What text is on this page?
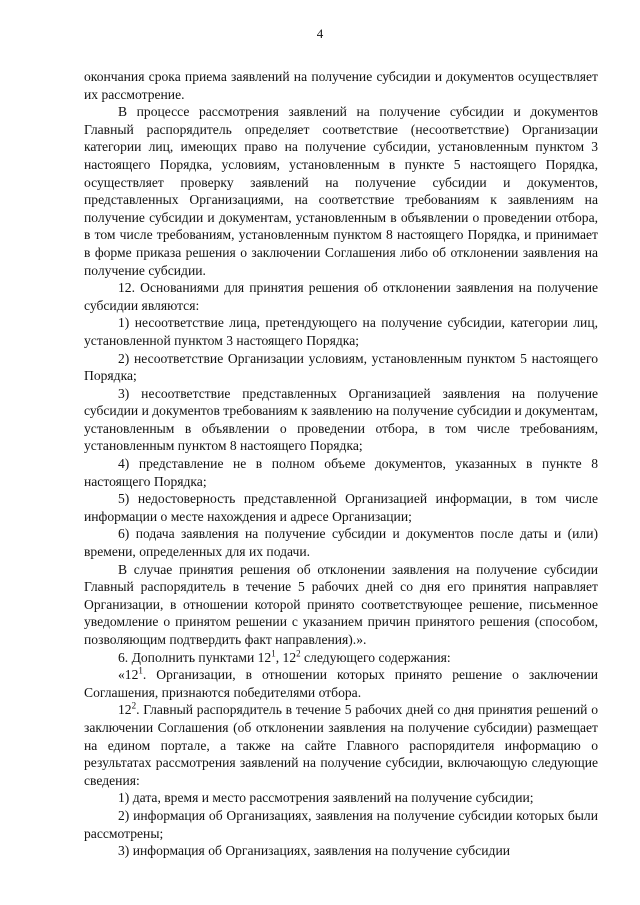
4

окончания срока приема заявлений на получение субсидии и документов осуществляет их рассмотрение.

В процессе рассмотрения заявлений на получение субсидии и документов Главный распорядитель определяет соответствие (несоответствие) Организации категории лиц, имеющих право на получение субсидии, установленным пунктом 3 настоящего Порядка, условиям, установленным в пункте 5 настоящего Порядка, осуществляет проверку заявлений на получение субсидии и документов, представленных Организациями, на соответствие требованиям к заявлениям на получение субсидии и документам, установленным в объявлении о проведении отбора, в том числе требованиям, установленным пунктом 8 настоящего Порядка, и принимает в форме приказа решения о заключении Соглашения либо об отклонении заявления на получение субсидии.

12. Основаниями для принятия решения об отклонении заявления на получение субсидии являются:

1) несоответствие лица, претендующего на получение субсидии, категории лиц, установленной пунктом 3 настоящего Порядка;

2) несоответствие Организации условиям, установленным пунктом 5 настоящего Порядка;

3) несоответствие представленных Организацией заявления на получение субсидии и документов требованиям к заявлению на получение субсидии и документам, установленным в объявлении о проведении отбора, в том числе требованиям, установленным пунктом 8 настоящего Порядка;

4) представление не в полном объеме документов, указанных в пункте 8 настоящего Порядка;

5) недостоверность представленной Организацией информации, в том числе информации о месте нахождения и адресе Организации;

6) подача заявления на получение субсидии и документов после даты и (или) времени, определенных для их подачи.

В случае принятия решения об отклонении заявления на получение субсидии Главный распорядитель в течение 5 рабочих дней со дня его принятия направляет Организации, в отношении которой принято соответствующее решение, письменное уведомление о принятом решении с указанием причин принятого решения (способом, позволяющим подтвердить факт направления).».

6. Дополнить пунктами $12^1$, $12^2$ следующего содержания:

«$12^1$. Организации, в отношении которых принято решение о заключении Соглашения, признаются победителями отбора.

$12^2$. Главный распорядитель в течение 5 рабочих дней со дня принятия решений о заключении Соглашения (об отклонении заявления на получение субсидии) размещает на едином портале, а также на сайте Главного распорядителя информацию о результатах рассмотрения заявлений на получение субсидии, включающую следующие сведения:

1) дата, время и место рассмотрения заявлений на получение субсидии;

2) информация об Организациях, заявления на получение субсидии которых были рассмотрены;

3) информация об Организациях, заявления на получение субсидии
